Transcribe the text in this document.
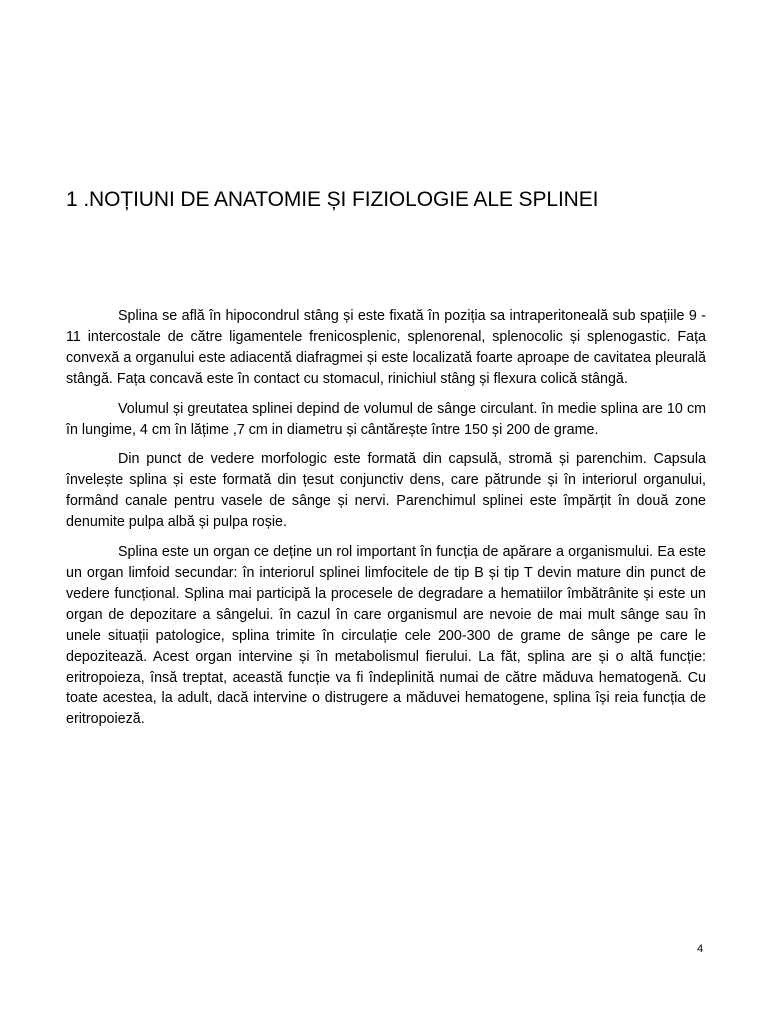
1 .NOȚIUNI DE ANATOMIE ȘI FIZIOLOGIE ALE SPLINEI

Splina se află în hipocondrul stâng și este fixată în poziția sa intraperitoneală sub spațiile 9 - 11 intercostale de către ligamentele frenicosplenic, splenorenal, splenocolic și splenogastic. Fața convexă a organului este adiacentă diafragmei și este localizată foarte aproape de cavitatea pleurală stângă. Fața concavă este în contact cu stomacul, rinichiul stâng și flexura colică stângă.

Volumul și greutatea splinei depind de volumul de sânge circulant. în medie splina are 10 cm în lungime, 4 cm în lățime ,7 cm in diametru și cântărește între 150 și 200 de grame.

Din punct de vedere morfologic este formată din capsulă, stromă și parenchim. Capsula învelește splina și este formată din țesut conjunctiv dens, care pătrunde și în interiorul organului, formând canale pentru vasele de sânge și nervi. Parenchimul splinei este împărțit în două zone denumite pulpa albă și pulpa roșie.

Splina este un organ ce deține un rol important în funcția de apărare a organismului. Ea este un organ limfoid secundar: în interiorul splinei limfocitele de tip B și tip T devin mature din punct de vedere funcțional. Splina mai participă la procesele de degradare a hematiilor îmbătrânite și este un organ de depozitare a sângelui. în cazul în care organismul are nevoie de mai mult sânge sau în unele situații patologice, splina trimite în circulație cele 200-300 de grame de sânge pe care le depozitează. Acest organ intervine și în metabolismul fierului. La făt, splina are și o altă funcție: eritropoieza, însă treptat, această funcție va fi îndeplinită numai de către măduva hematogenă. Cu toate acestea, la adult, dacă intervine o distrugere a măduvei hematogene, splina își reia funcția de eritropoieză.

4
